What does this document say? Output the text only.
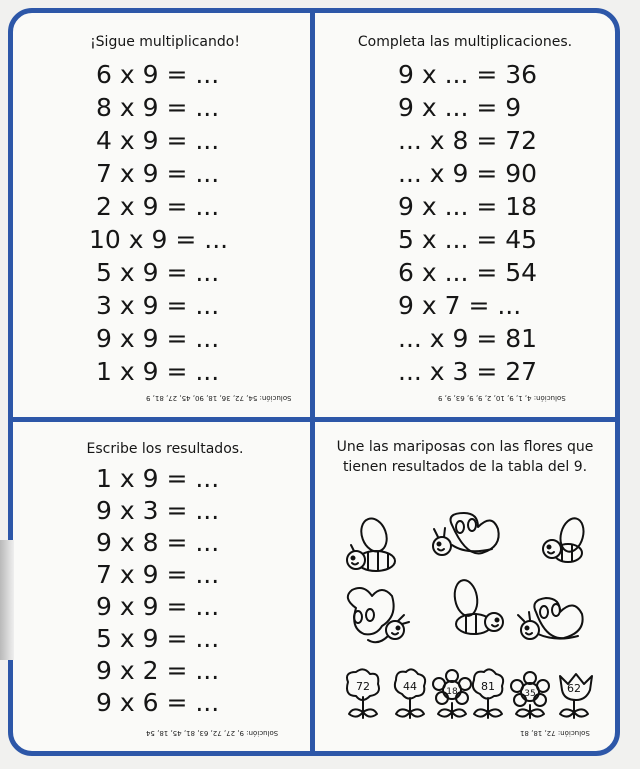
¡Sigue multiplicando!
6 x 9 = ...
8 x 9 = ...
4 x 9 = ...
7 x 9 = ...
2 x 9 = ...
10 x 9 = ...
5 x 9 = ...
3 x 9 = ...
9 x 9 = ...
1 x 9 = ...
Solución: 54, 72, 36, 18, 90, 45, 27, 81, 9
Completa las multiplicaciones.
9 x ... = 36
9 x ... = 9
... x 8 = 72
... x 9 = 90
9 x ... = 18
5 x ... = 45
6 x ... = 54
9 x 7 = ...
... x 9 = 81
... x 3 = 27
Solución: 4, 1, 9, 10, 2, 9, 9, 63, 9, 9
Escribe los resultados.
1 x 9 = ...
9 x 3 = ...
9 x 8 = ...
7 x 9 = ...
9 x 9 = ...
5 x 9 = ...
9 x 2 = ...
9 x 6 = ...
Solución: 9, 27, 72, 63, 81, 45, 18, 54
Une las mariposas con las flores que
tienen resultados de la tabla del 9.
72	44	18 81
35	62
Solución: 72, 18, 81
